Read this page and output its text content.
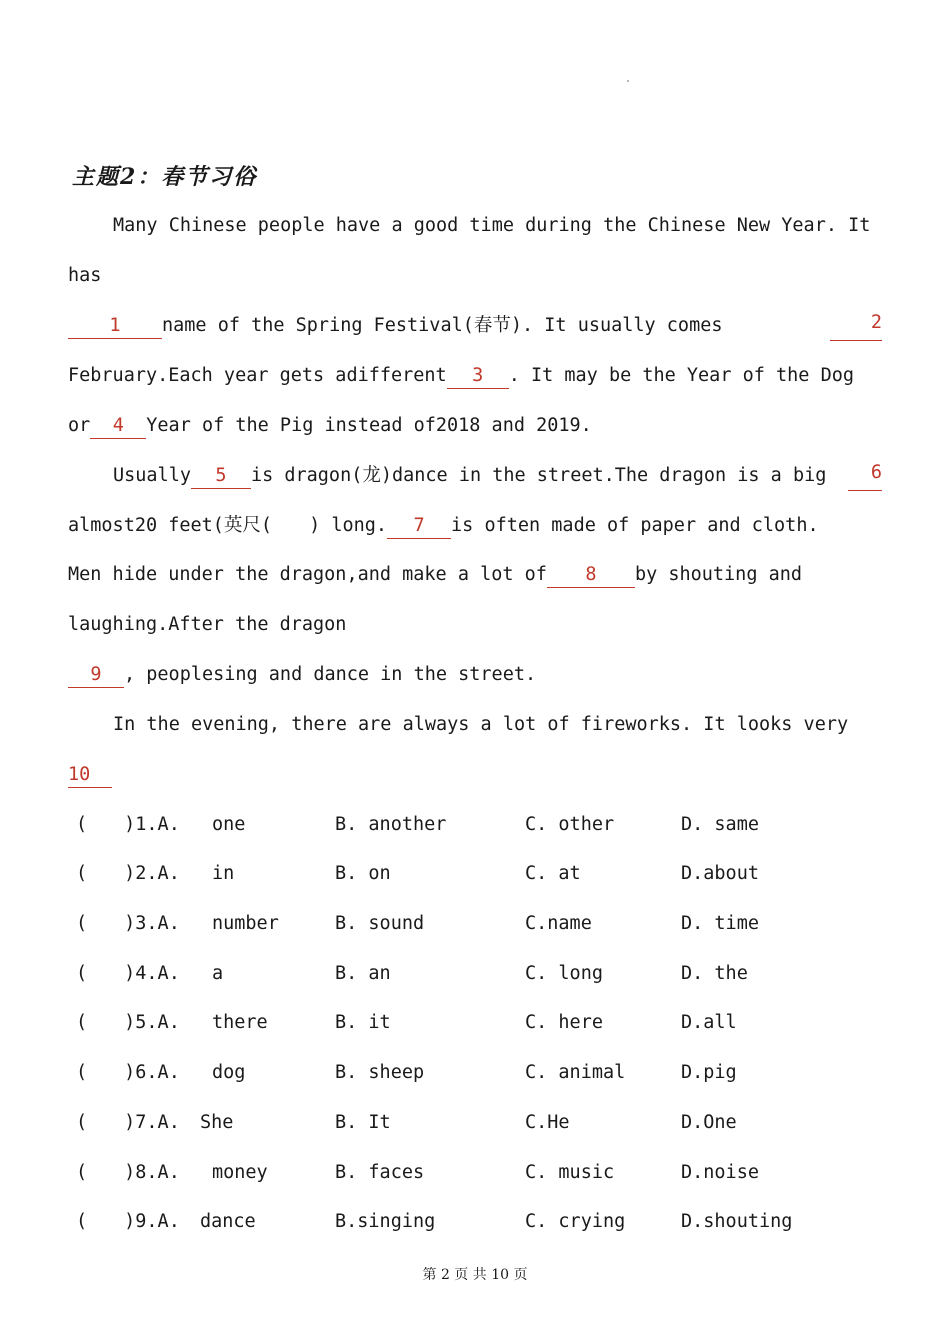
主题2：春节习俗
Many Chinese people have a good time during the Chinese New Year. It
has
1 name of the Spring Festival(春节). It usually comes	2
February.Each year gets adifferent 3 . It may be the Year of the Dog
or 4 Year of the Pig instead of2018 and 2019.
Usually 5 is dragon(龙)dance in the street.The dragon is a big	6
almost20 feet(英尺(　　) long. 7 is often made of paper and cloth.
Men hide under the dragon,and make a lot of 8 by shouting and
laughing.After the dragon
9 , peoplesing and dance in the street.
In the evening, there are always a lot of fireworks. It looks very
10
(　　)1.A. one	B. another	C. other	D. same
(　　)2.A. in	B. on	C. at	D.about
(　　)3.A. number	B. sound	C.name	D. time
(　　)4.A. a	B. an	C. long	D. the
(　　)5.A. there	B. it	C. here	D.all
(　　)6.A. dog	B. sheep	C. animal	D.pig
(　　)7.A. She	B. It	C.He	D.One
(　　)8.A. money	B. faces	C. music	D.noise
(　　)9.A. dance	B.singing	C. crying	D.shouting
第 2 页 共 10 页
